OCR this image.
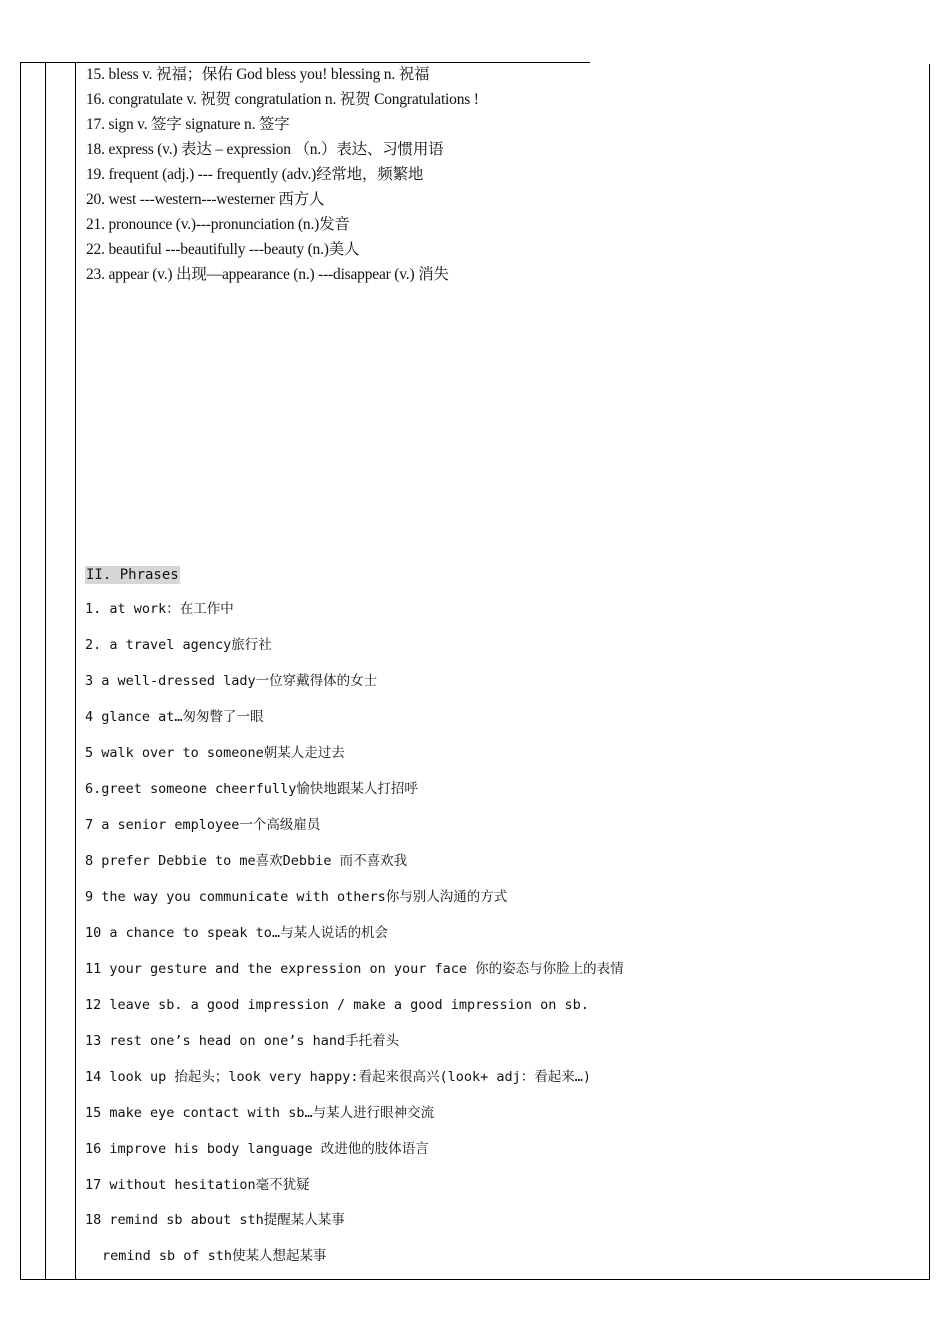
15. bless v. 祝福；保佑 God bless you! blessing n. 祝福
16. congratulate v. 祝贺 congratulation n. 祝贺 Congratulations !
17. sign v. 签字 signature n. 签字
18. express (v.) 表达 – expression （n.）表达、习惯用语
19. frequent (adj.) --- frequently (adv.)经常地，频繁地
20. west ---western---westerner 西方人
21. pronounce (v.)---pronunciation (n.)发音
22. beautiful ---beautifully ---beauty (n.)美人
23. appear (v.) 出现—appearance (n.) ---disappear (v.) 消失
II. Phrases
1. at work：在工作中
2. a travel agency旅行社
3 a well-dressed lady一位穿戴得体的女士
4 glance at…匆匆瞥了一眼
5 walk over to someone朝某人走过去
6.greet someone cheerfully愉快地跟某人打招呼
7 a senior employee一个高级雇员
8 prefer Debbie to me喜欢Debbie 而不喜欢我
9 the way you communicate with others你与别人沟通的方式
10 a chance to speak to…与某人说话的机会
11 your gesture and the expression on your face 你的姿态与你脸上的表情
12 leave sb. a good impression / make a good impression on sb.
13 rest one’s head on one’s hand手托着头
14 look up 抬起头；look very happy:看起来很高兴(look+ adj：看起来…)
15 make eye contact with sb…与某人进行眼神交流
16 improve his body language 改进他的肢体语言
17 without hesitation毫不犹疑
18 remind sb about sth提醒某人某事
remind sb of sth使某人想起某事
